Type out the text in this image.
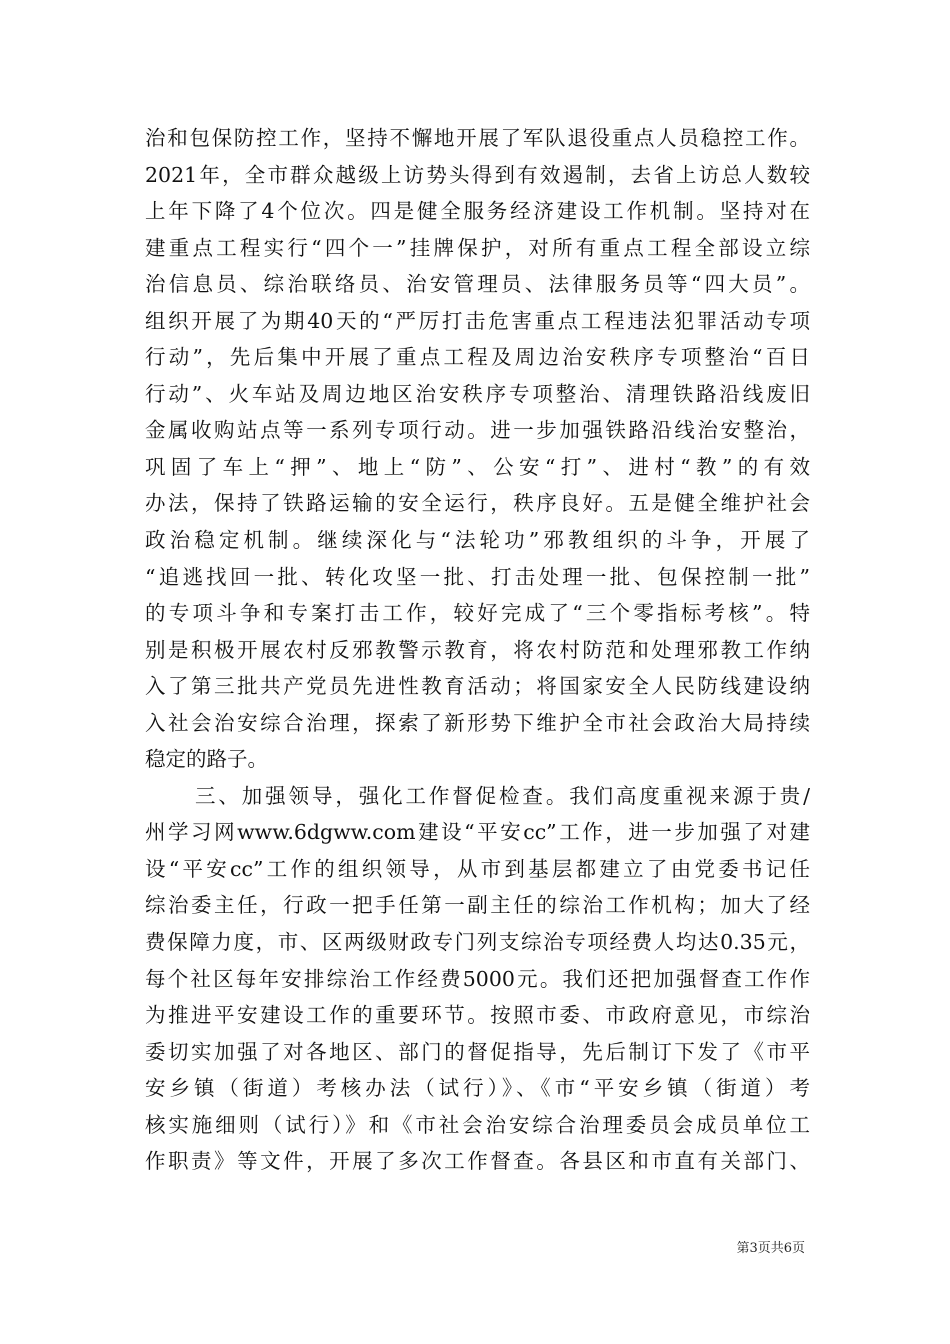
治和包保防控工作，坚持不懈地开展了军队退役重点人员稳控工作。
2021年，全市群众越级上访势头得到有效遏制，去省上访总人数较
上年下降了4个位次。四是健全服务经济建设工作机制。坚持对在
建重点工程实行“四个一”挂牌保护，对所有重点工程全部设立综
治信息员、综治联络员、治安管理员、法律服务员等“四大员”。
组织开展了为期40天的“严厉打击危害重点工程违法犯罪活动专项
行动”，先后集中开展了重点工程及周边治安秩序专项整治“百日
行动”、火车站及周边地区治安秩序专项整治、清理铁路沿线废旧
金属收购站点等一系列专项行动。进一步加强铁路沿线治安整治，
巩固了车上“押”、地上“防”、公安“打”、进村“教”的有效
办法，保持了铁路运输的安全运行，秩序良好。五是健全维护社会
政治稳定机制。继续深化与“法轮功”邪教组织的斗争，开展了
“追逃找回一批、转化攻坚一批、打击处理一批、包保控制一批”
的专项斗争和专案打击工作，较好完成了“三个零指标考核”。特
别是积极开展农村反邪教警示教育，将农村防范和处理邪教工作纳
入了第三批共产党员先进性教育活动；将国家安全人民防线建设纳
入社会治安综合治理，探索了新形势下维护全市社会政治大局持续
稳定的路子。
三、加强领导，强化工作督促检查。我们高度重视来源于贵/
州学习网www.6dgww.com建设“平安cc”工作，进一步加强了对建
设“平安cc”工作的组织领导，从市到基层都建立了由党委书记任
综治委主任，行政一把手任第一副主任的综治工作机构；加大了经
费保障力度，市、区两级财政专门列支综治专项经费人均达0.35元，
每个社区每年安排综治工作经费5000元。我们还把加强督查工作作
为推进平安建设工作的重要环节。按照市委、市政府意见，市综治
委切实加强了对各地区、部门的督促指导，先后制订下发了《市平
安乡镇（街道）考核办法（试行）》、《市“平安乡镇（街道）考
核实施细则（试行）》和《市社会治安综合治理委员会成员单位工
作职责》等文件，开展了多次工作督查。各县区和市直有关部门、
第3页共6页
